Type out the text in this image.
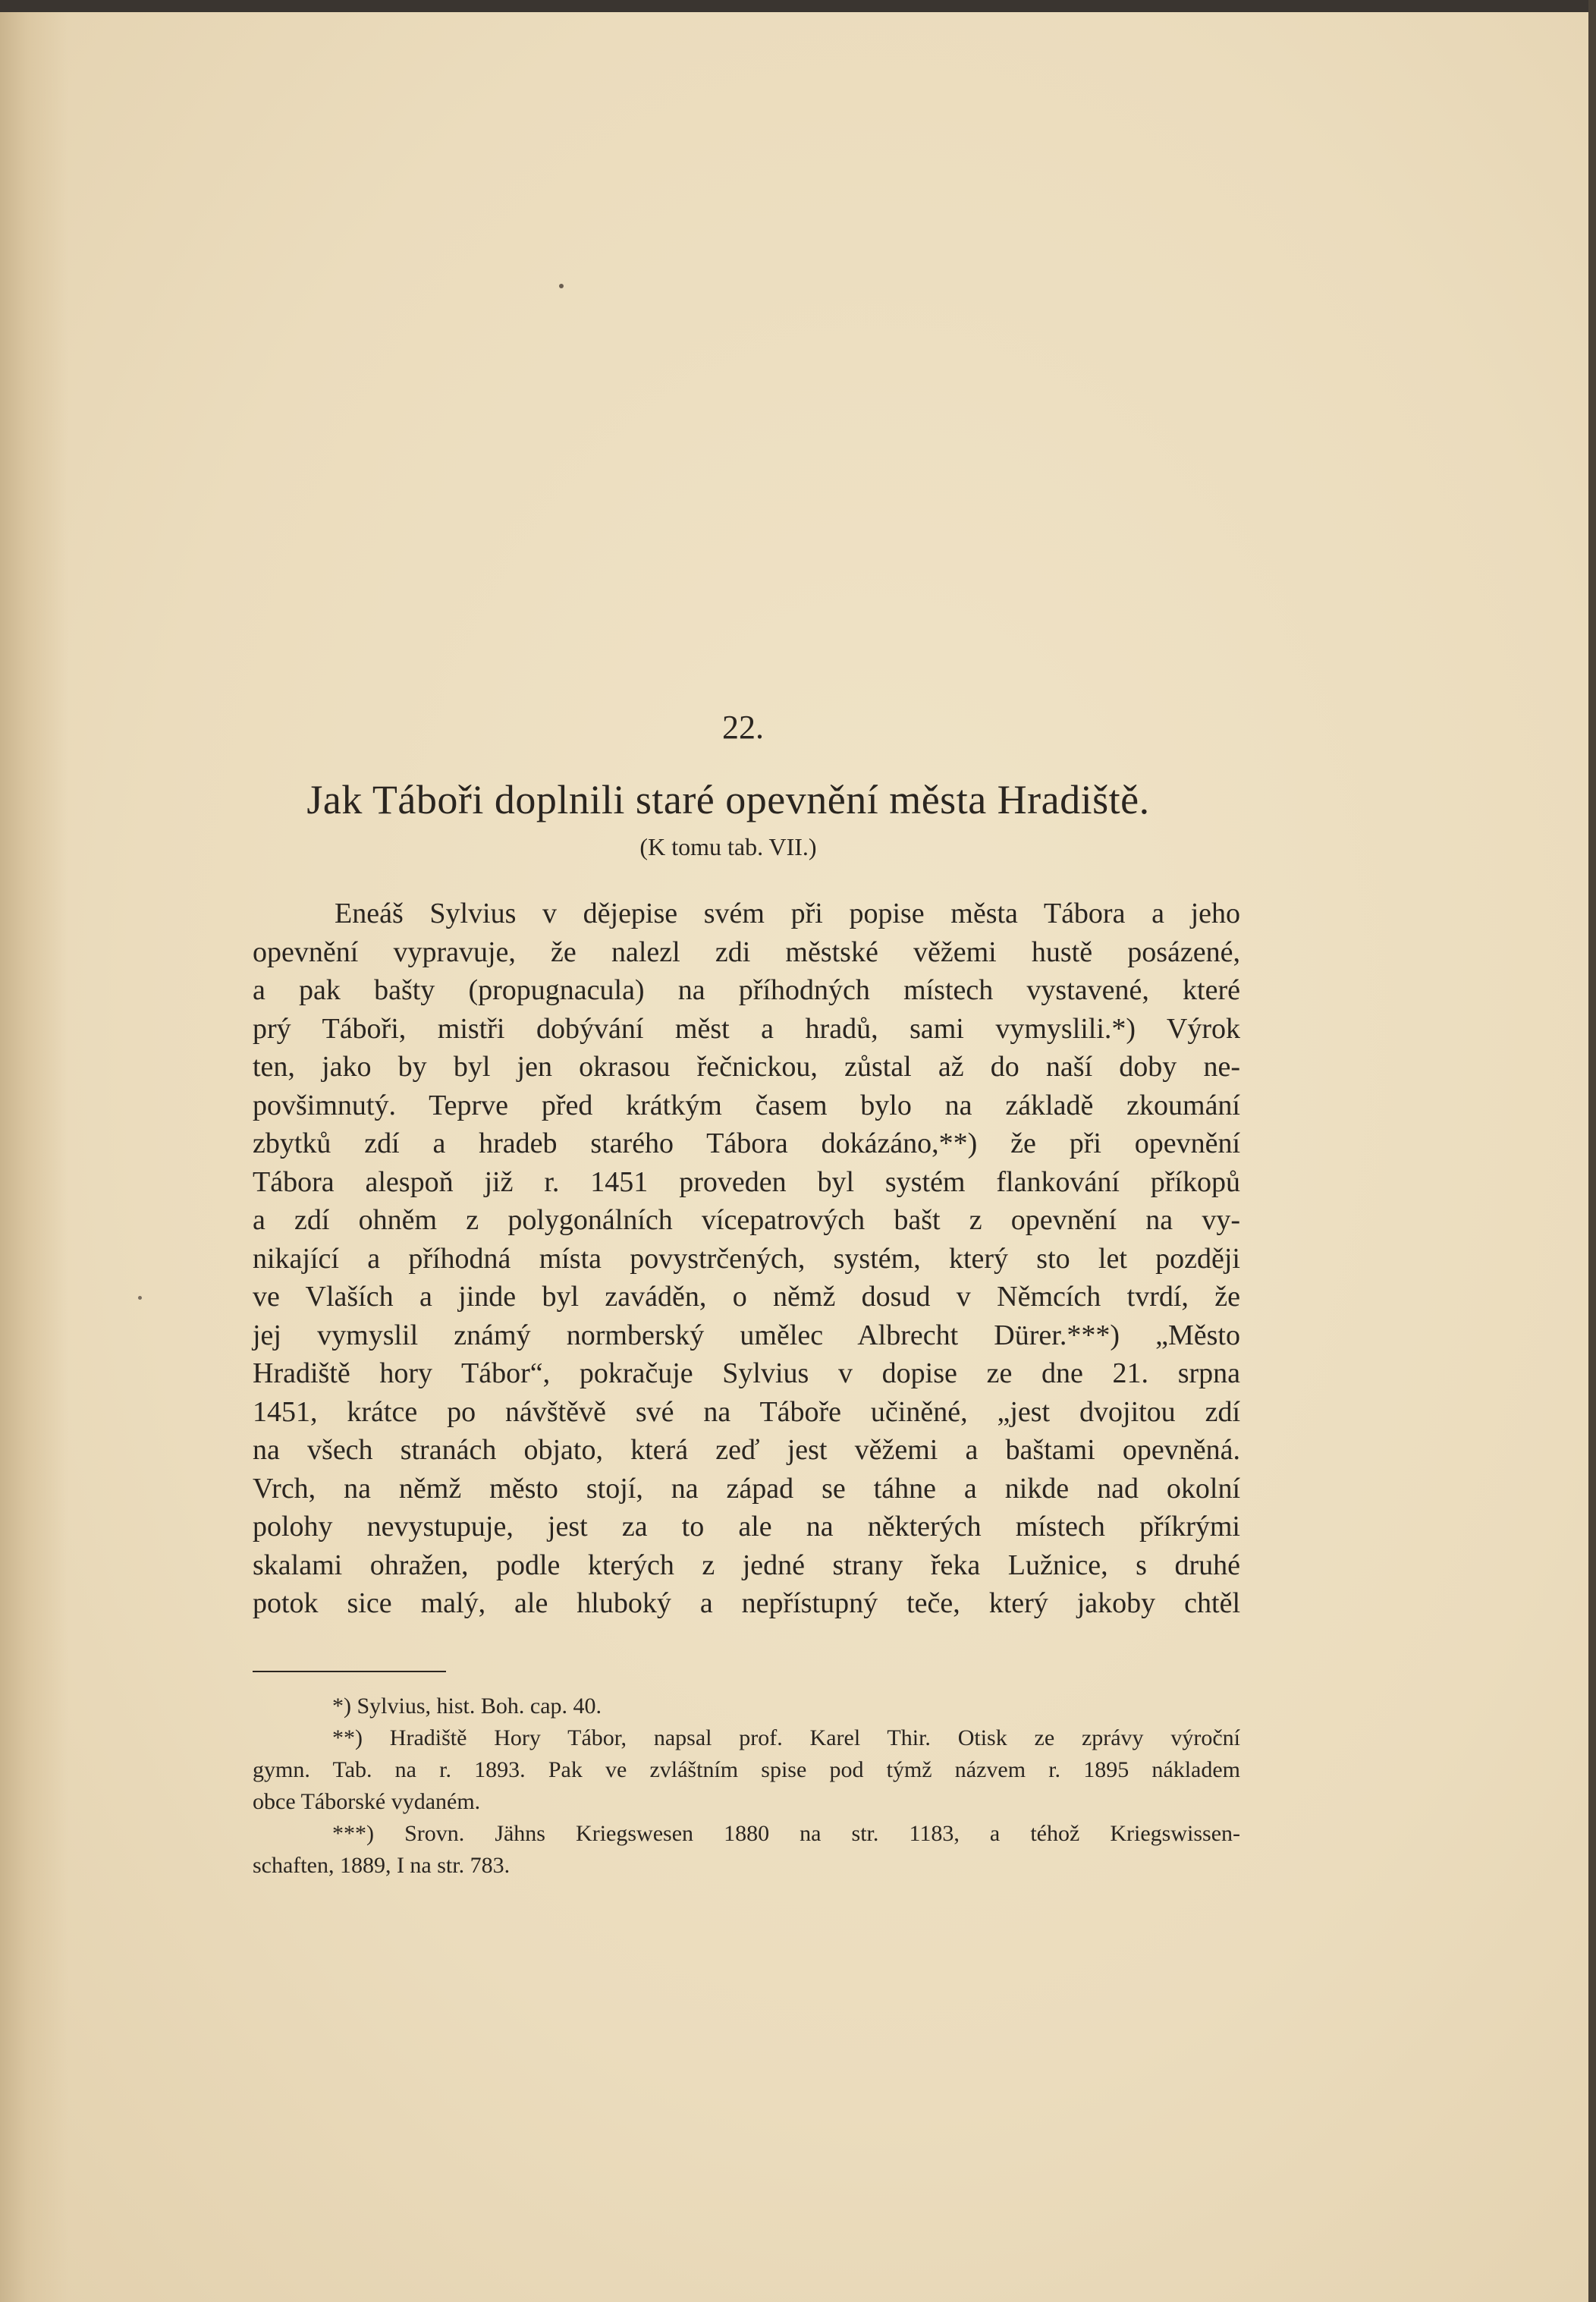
22.
Jak Táboři doplnili staré opevnění města Hradiště.
(K tomu tab. VII.)
Eneáš Sylvius v dějepise svém při popise města Tábora a jeho
opevnění vypravuje, že nalezl zdi městské věžemi hustě posázené,
a pak bašty (propugnacula) na příhodných místech vystavené, které
prý Táboři, mistři dobývání měst a hradů, sami vymyslili.*) Výrok
ten, jako by byl jen okrasou řečnickou, zůstal až do naší doby ne-
povšimnutý. Teprve před krátkým časem bylo na základě zkoumání
zbytků zdí a hradeb starého Tábora dokázáno,**) že při opevnění
Tábora alespoň již r. 1451 proveden byl systém flankování příkopů
a zdí ohněm z polygonálních vícepatrových bašt z opevnění na vy-
nikající a příhodná místa povystrčených, systém, který sto let později
ve Vlaších a jinde byl zaváděn, o němž dosud v Němcích tvrdí, že
jej vymyslil známý normberský umělec Albrecht Dürer.***) „Město
Hradiště hory Tábor“, pokračuje Sylvius v dopise ze dne 21. srpna
1451, krátce po návštěvě své na Táboře učiněné, „jest dvojitou zdí
na všech stranách objato, která zeď jest věžemi a baštami opevněná.
Vrch, na němž město stojí, na západ se táhne a nikde nad okolní
polohy nevystupuje, jest za to ale na některých místech příkrými
skalami ohražen, podle kterých z jedné strany řeka Lužnice, s druhé
potok sice malý, ale hluboký a nepřístupný teče, který jakoby chtěl
*) Sylvius, hist. Boh. cap. 40.
**) Hradiště Hory Tábor, napsal prof. Karel Thir. Otisk ze zprávy výroční
gymn. Tab. na r. 1893. Pak ve zvláštním spise pod týmž názvem r. 1895 nákladem
obce Táborské vydaném.
***) Srovn. Jähns Kriegswesen 1880 na str. 1183, a téhož Kriegswissen-
schaften, 1889, I na str. 783.
